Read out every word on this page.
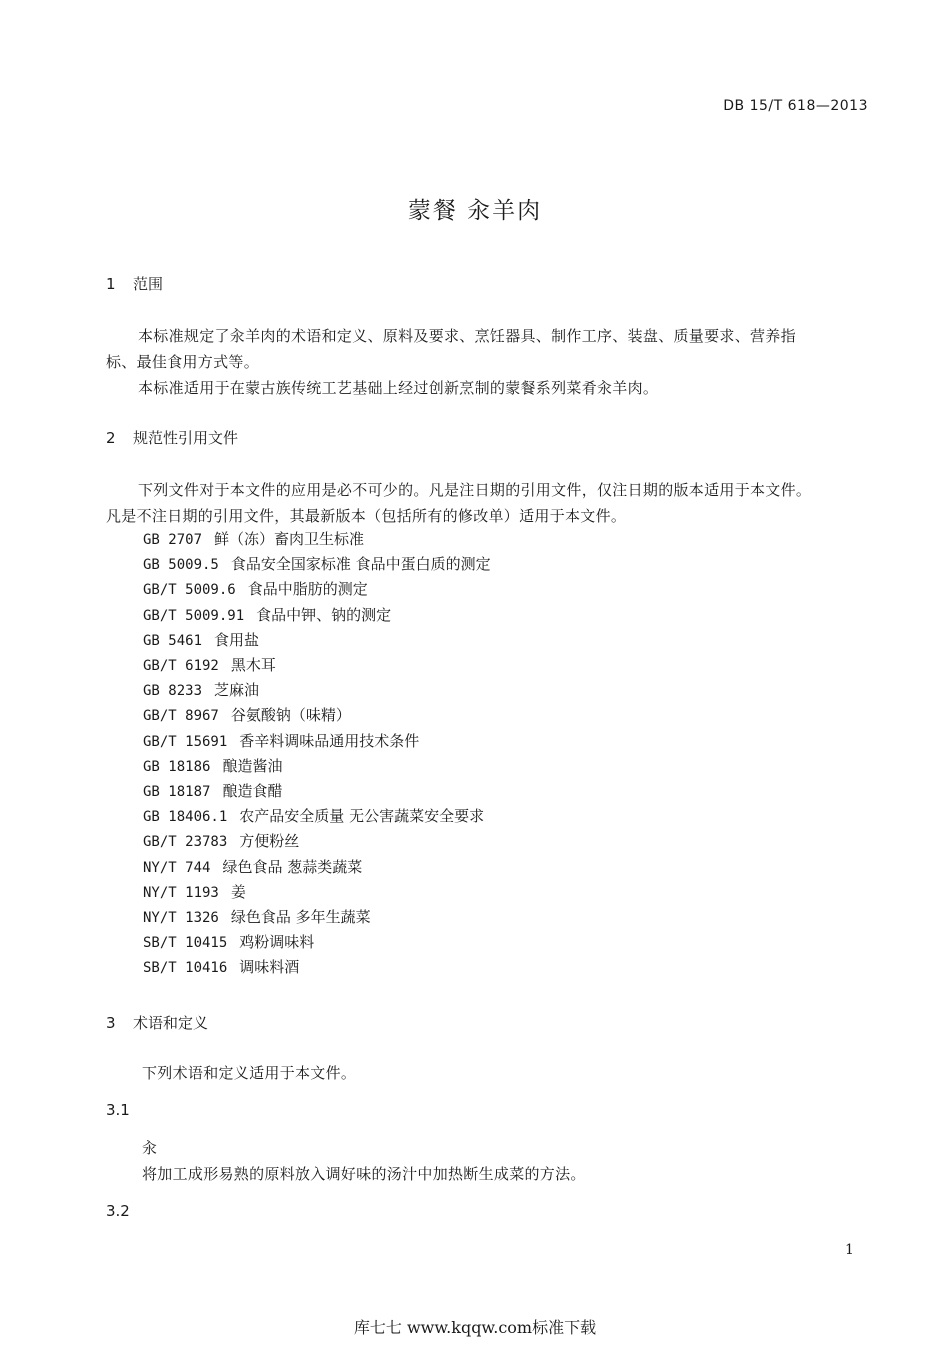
DB 15/T 618—2013
蒙餐 汆羊肉
1 范围
本标准规定了汆羊肉的术语和定义、原料及要求、烹饪器具、制作工序、装盘、质量要求、营养指
标、最佳食用方式等。
本标准适用于在蒙古族传统工艺基础上经过创新烹制的蒙餐系列菜肴汆羊肉。
2 规范性引用文件
下列文件对于本文件的应用是必不可少的。凡是注日期的引用文件，仅注日期的版本适用于本文件。
凡是不注日期的引用文件，其最新版本（包括所有的修改单）适用于本文件。
GB 2707 鲜（冻）畜肉卫生标准
GB 5009.5 食品安全国家标准 食品中蛋白质的测定
GB/T 5009.6 食品中脂肪的测定
GB/T 5009.91 食品中钾、钠的测定
GB 5461 食用盐
GB/T 6192 黑木耳
GB 8233 芝麻油
GB/T 8967 谷氨酸钠（味精）
GB/T 15691 香辛料调味品通用技术条件
GB 18186 酿造酱油
GB 18187 酿造食醋
GB 18406.1 农产品安全质量 无公害蔬菜安全要求
GB/T 23783 方便粉丝
NY/T 744 绿色食品 葱蒜类蔬菜
NY/T 1193 姜
NY/T 1326 绿色食品 多年生蔬菜
SB/T 10415 鸡粉调味料
SB/T 10416 调味料酒
3 术语和定义
下列术语和定义适用于本文件。
3.1
汆
将加工成形易熟的原料放入调好味的汤汁中加热断生成菜的方法。
3.2
1
库七七 www.kqqw.com标准下载
